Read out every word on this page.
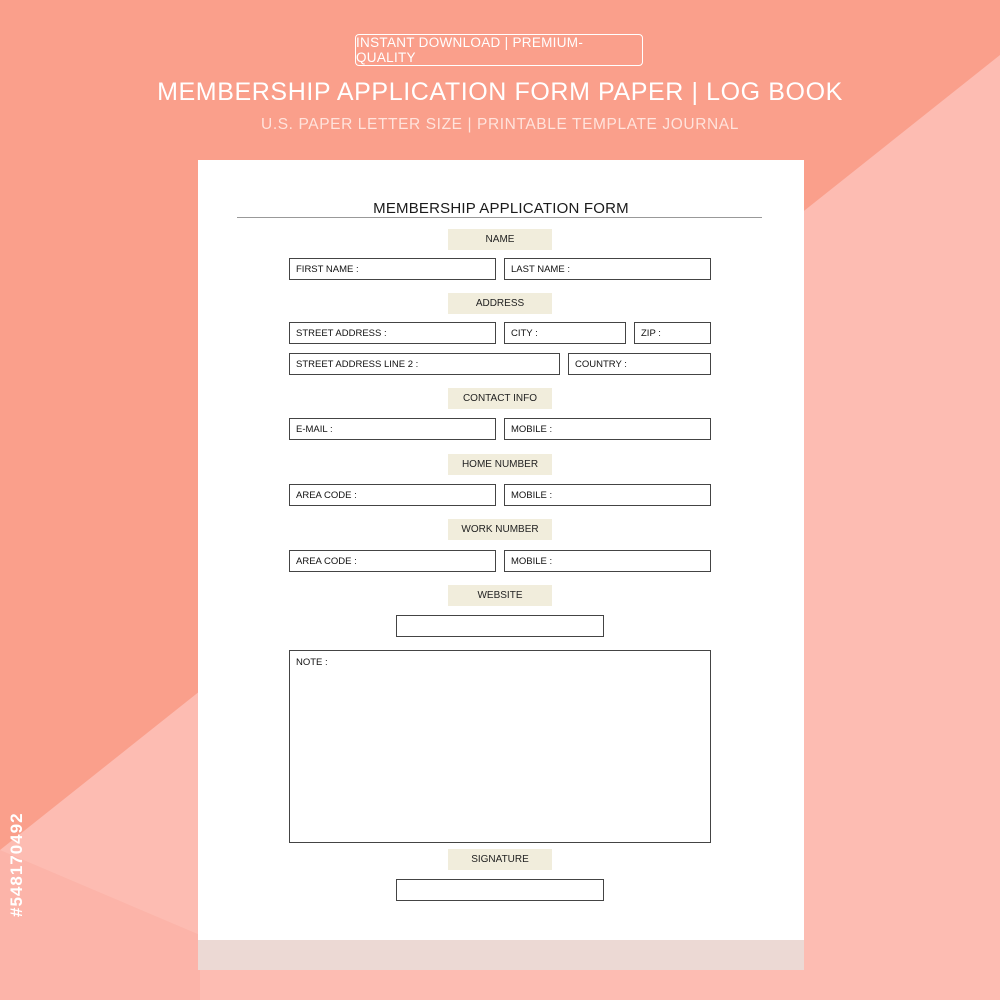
INSTANT DOWNLOAD | PREMIUM-QUALITY
MEMBERSHIP APPLICATION FORM PAPER | LOG BOOK
U.S. PAPER LETTER SIZE | PRINTABLE TEMPLATE JOURNAL
MEMBERSHIP APPLICATION FORM
NAME
FIRST NAME :	LAST NAME :
ADDRESS
STREET ADDRESS :	CITY :	ZIP :
STREET ADDRESS LINE 2 :	COUNTRY :
CONTACT INFO
E-MAIL :	MOBILE :
HOME NUMBER
AREA CODE :	MOBILE :
WORK NUMBER
AREA CODE :	MOBILE :
WEBSITE
NOTE :
SIGNATURE
#548170492
